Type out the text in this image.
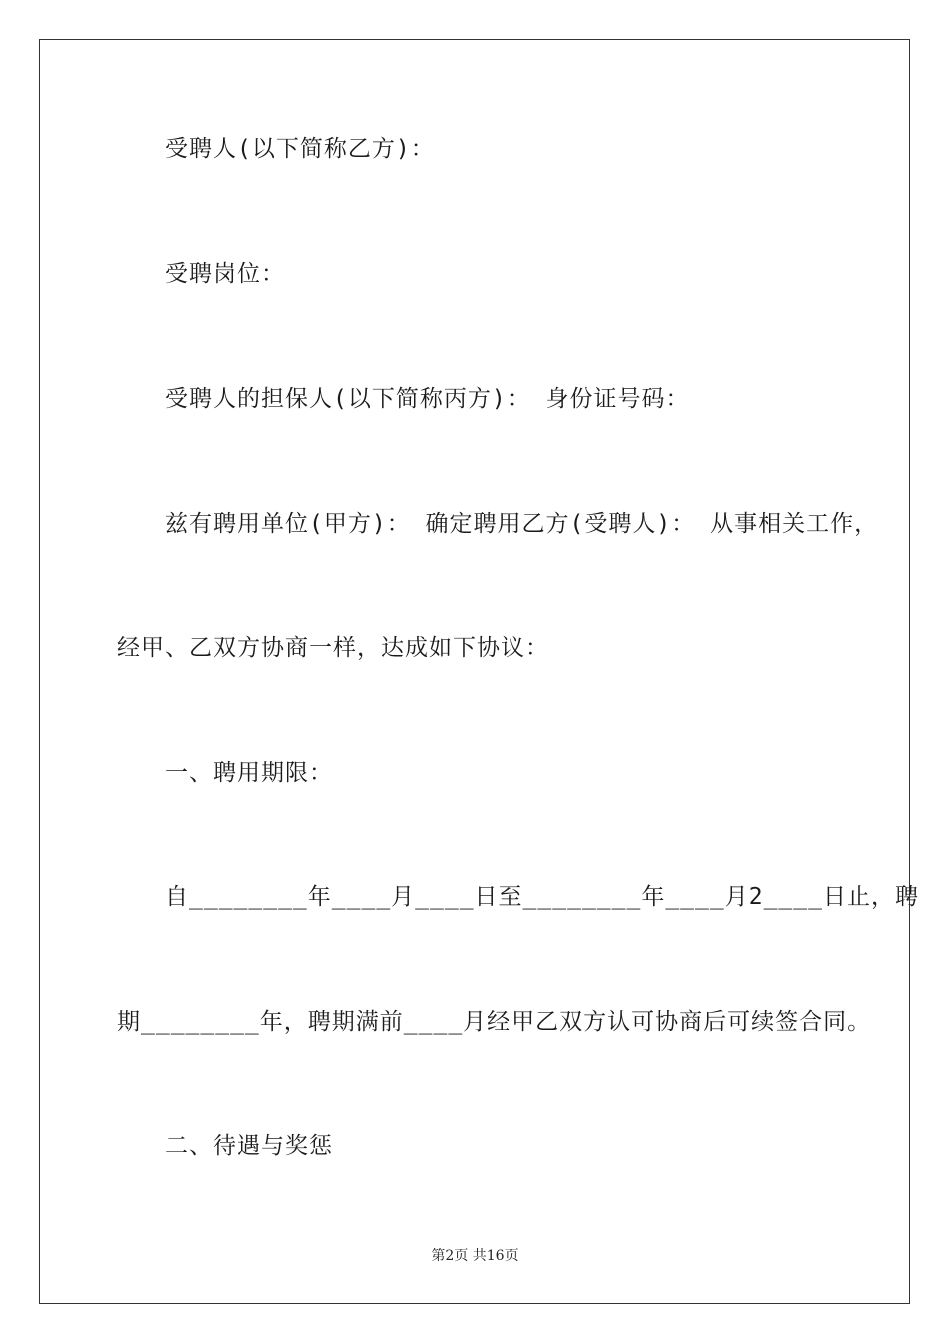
受聘人(以下简称乙方)：
受聘岗位：
受聘人的担保人(以下简称丙方)： 身份证号码：
兹有聘用单位(甲方)： 确定聘用乙方(受聘人)： 从事相关工作，
经甲、乙双方协商一样，达成如下协议：
一、聘用期限：
自________年____月____日至________年____月2____日止，聘
期________年，聘期满前____月经甲乙双方认可协商后可续签合同。
二、待遇与奖惩
第2页 共16页
